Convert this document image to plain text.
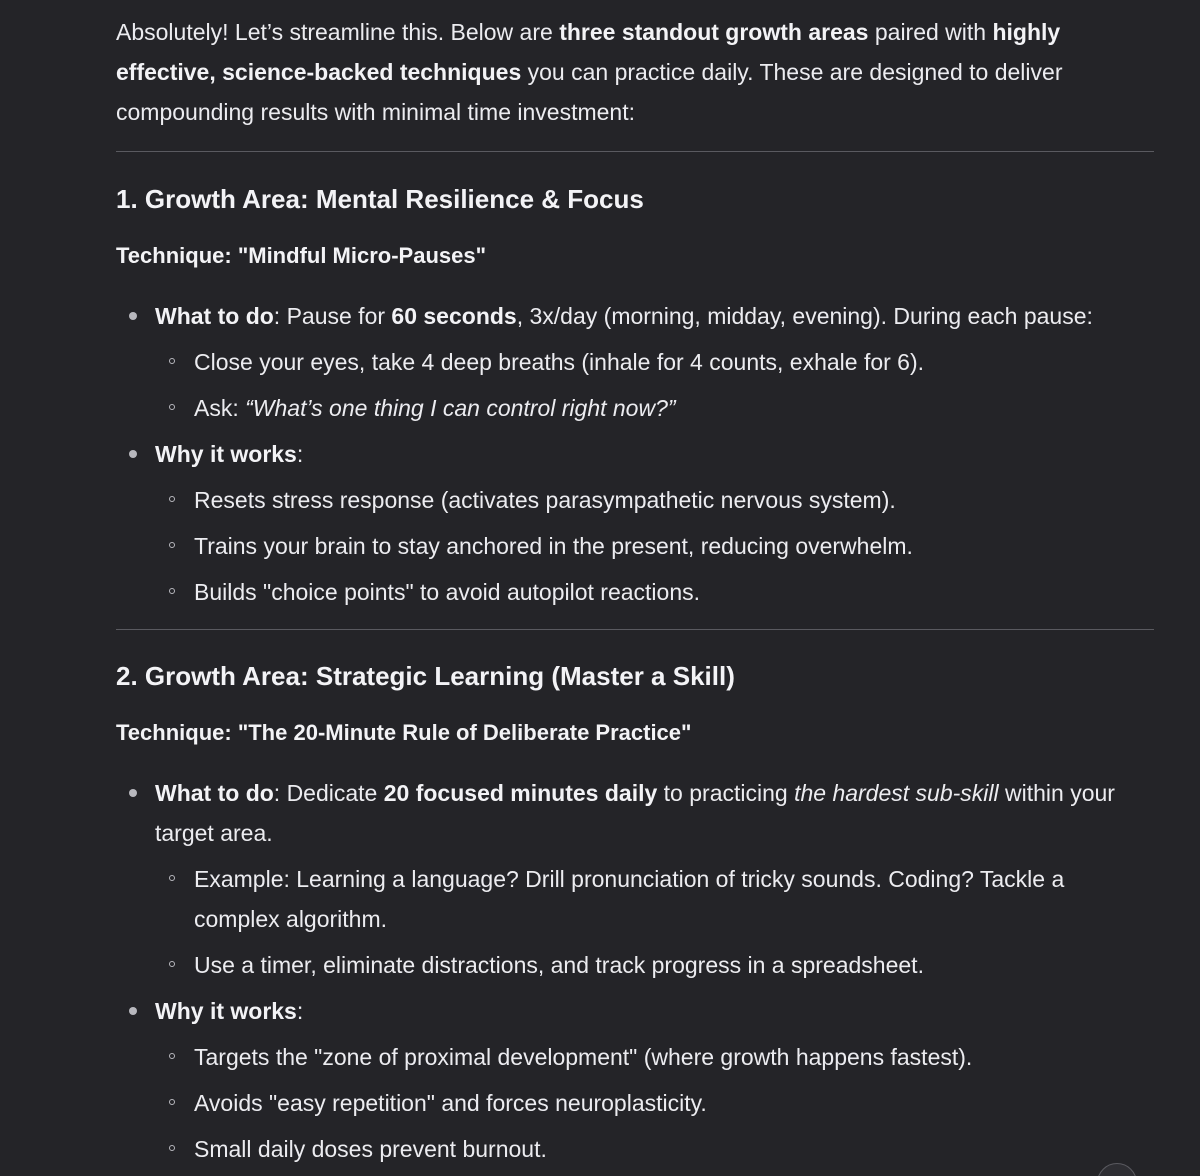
Absolutely! Let’s streamline this. Below are three standout growth areas paired with highly effective, science-backed techniques you can practice daily. These are designed to deliver compounding results with minimal time investment:

1. Growth Area: Mental Resilience & Focus
Technique: "Mindful Micro-Pauses"
What to do: Pause for 60 seconds, 3x/day (morning, midday, evening). During each pause:
Close your eyes, take 4 deep breaths (inhale for 4 counts, exhale for 6).
Ask: “What’s one thing I can control right now?”
Why it works:
Resets stress response (activates parasympathetic nervous system).
Trains your brain to stay anchored in the present, reducing overwhelm.
Builds "choice points" to avoid autopilot reactions.
2. Growth Area: Strategic Learning (Master a Skill)
Technique: "The 20-Minute Rule of Deliberate Practice"
What to do: Dedicate 20 focused minutes daily to practicing the hardest sub-skill within your target area.
Example: Learning a language? Drill pronunciation of tricky sounds. Coding? Tackle a complex algorithm.
Use a timer, eliminate distractions, and track progress in a spreadsheet.
Why it works:
Targets the "zone of proximal development" (where growth happens fastest).
Avoids "easy repetition" and forces neuroplasticity.
Small daily doses prevent burnout.
